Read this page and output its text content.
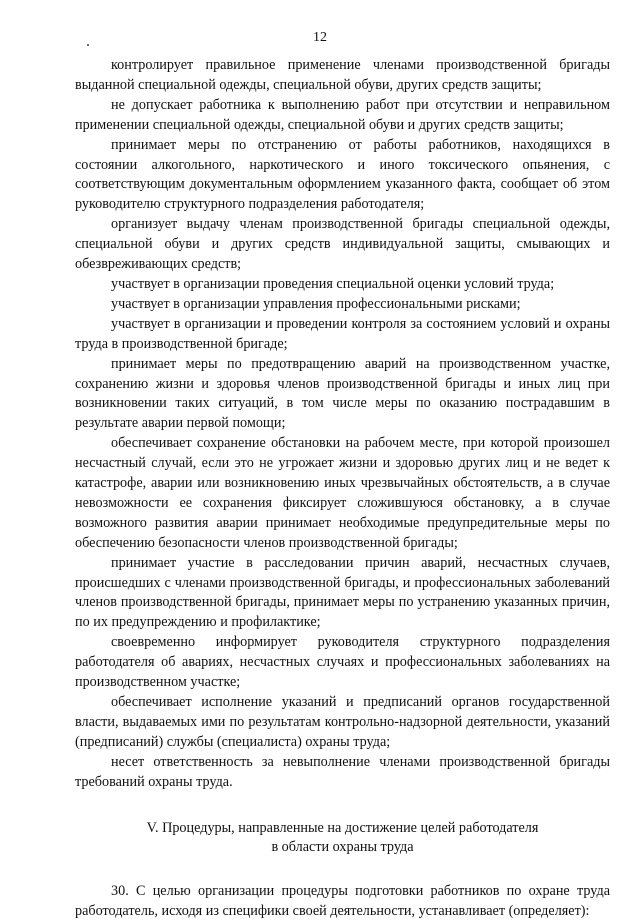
12

контролирует правильное применение членами производственной бригады выданной специальной одежды, специальной обуви, других средств защиты;

не допускает работника к выполнению работ при отсутствии и неправильном применении специальной одежды, специальной обуви и других средств защиты;

принимает меры по отстранению от работы работников, находящихся в состоянии алкогольного, наркотического и иного токсического опьянения, с соответствующим документальным оформлением указанного факта, сообщает об этом руководителю структурного подразделения работодателя;

организует выдачу членам производственной бригады специальной одежды, специальной обуви и других средств индивидуальной защиты, смывающих и обезвреживающих средств;

участвует в организации проведения специальной оценки условий труда;

участвует в организации управления профессиональными рисками;

участвует в организации и проведении контроля за состоянием условий и охраны труда в производственной бригаде;

принимает меры по предотвращению аварий на производственном участке, сохранению жизни и здоровья членов производственной бригады и иных лиц при возникновении таких ситуаций, в том числе меры по оказанию пострадавшим в результате аварии первой помощи;

обеспечивает сохранение обстановки на рабочем месте, при которой произошел несчастный случай, если это не угрожает жизни и здоровью других лиц и не ведет к катастрофе, аварии или возникновению иных чрезвычайных обстоятельств, а в случае невозможности ее сохранения фиксирует сложившуюся обстановку, а в случае возможного развития аварии принимает необходимые предупредительные меры по обеспечению безопасности членов производственной бригады;

принимает участие в расследовании причин аварий, несчастных случаев, происшедших с членами производственной бригады, и профессиональных заболеваний членов производственной бригады, принимает меры по устранению указанных причин, по их предупреждению и профилактике;

своевременно информирует руководителя структурного подразделения работодателя об авариях, несчастных случаях и профессиональных заболеваниях на производственном участке;

обеспечивает исполнение указаний и предписаний органов государственной власти, выдаваемых ими по результатам контрольно-надзорной деятельности, указаний (предписаний) службы (специалиста) охраны труда;

несет ответственность за невыполнение членами производственной бригады требований охраны труда.

V. Процедуры, направленные на достижение целей работодателя
в области охраны труда

30. С целью организации процедуры подготовки работников по охране труда работодатель, исходя из специфики своей деятельности, устанавливает (определяет):
